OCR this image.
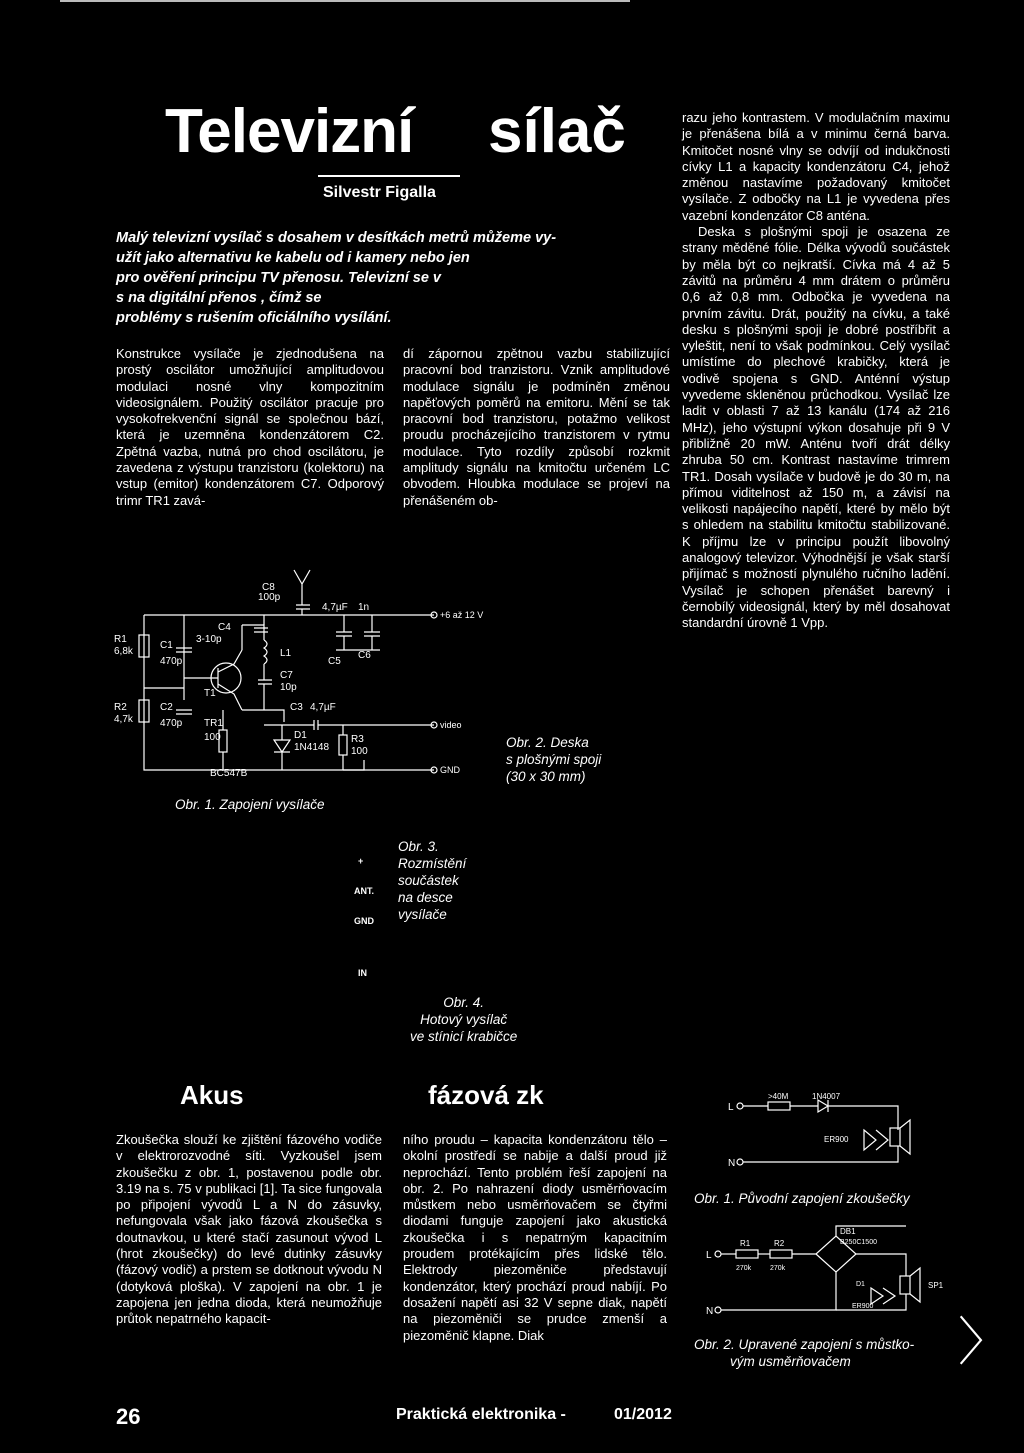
Televizní sílač
Silvestr Figalla
Malý televizní vysílač s dosahem v desítkách metrů můžeme vy-
užít jako alternativu ke kabelu od i kamery nebo jen
pro ověření principu TV přenosu. Televizní se v
s na digitální přenos , čímž se
problémy s rušením oficiálního vysílání.

Konstrukce vysílače je zjednodušena na prostý oscilátor umožňující amplitudovou modulaci nosné vlny kompozitním videosignálem. Použitý oscilátor pracuje pro vysokofrekvenční signál se společnou bází, která je uzemněna kondenzátorem C2. Zpětná vazba, nutná pro chod oscilátoru, je zavedena z výstupu tranzistoru (kolektoru) na vstup (emitor) kondenzátorem C7. Odporový trimr TR1 zavá-

dí zápornou zpětnou vazbu stabilizující pracovní bod tranzistoru. Vznik amplitudové modulace signálu je podmíněn změnou napěťových poměrů na emitoru. Mění se tak pracovní bod tranzistoru, potažmo velikost proudu procházejícího tranzistorem v rytmu modulace. Tyto rozdíly způsobí rozkmit amplitudy signálu na kmitočtu určeném LC obvodem. Hloubka modulace se projeví na přenášeném ob-

razu jeho kontrastem. V modulačním maximu je přenášena bílá a v minimu černá barva. Kmitočet nosné vlny se odvíjí od indukčnosti cívky L1 a kapacity kondenzátoru C4, jehož změnou nastavíme požadovaný kmitočet vysílače. Z odbočky na L1 je vyvedena přes vazební kondenzátor C8 anténa.

Deska s plošnými spoji je osazena ze strany měděné fólie. Délka vývodů součástek by měla být co nejkratší. Cívka má 4 až 5 závitů na průměru 4 mm drátem o průměru 0,6 až 0,8 mm. Odbočka je vyvedena na prvním závitu. Drát, použitý na cívku, a také desku s plošnými spoji je dobré postříbřit a vyleštit, není to však podmínkou. Celý vysílač umístíme do plechové krabičky, která je vodivě spojena s GND. Anténní výstup vyvedeme skleněnou průchodkou. Vysílač lze ladit v oblasti 7 až 13 kanálu (174 až 216 MHz), jeho výstupní výkon dosahuje při 9 V přibližně 20 mW. Anténu tvoří drát délky zhruba 50 cm. Kontrast nastavíme trimrem TR1. Dosah vysílače v budově je do 30 m, na přímou viditelnost až 150 m, a závisí na velikosti napájecího napětí, které by mělo být s ohledem na stabilitu kmitočtu stabilizované. K příjmu lze v principu použít libovolný analogový televizor. Výhodnější je však starší přijímač s možností plynulého ručního ladění. Vysílač je schopen přenášet barevný i černobílý videosignál, který by měl dosahovat standardní úrovně 1 Vpp.

C8
100p
R1
6,8k
C1
470p
C4
3-10p
L1
C7
10p
T1
C3 4,7µF
R2
4,7k
C2
470p TR1
100	D1
1N4148
R3
100
BC547B
C5
4,7µF
C6
1n
+6 až 12 V
video
GND
Obr. 1. Zapojení vysílače
Obr. 2. Deska
s plošnými spoji
(30 x 30 mm)
+
ANT.
GND
IN
Obr. 3.
Rozmístění
součástek
na desce
vysílače
Obr. 4.
Hotový vysílač
ve stínicí krabičce
Akus	fázová zk

Zkoušečka slouží ke zjištění fázového vodiče v elektrorozvodné síti. Vyzkoušel jsem zkoušečku z obr. 1, postavenou podle obr. 3.19 na s. 75 v publikaci [1]. Ta sice fungovala po připojení vývodů L a N do zásuvky, nefungovala však jako fázová zkoušečka s doutnavkou, u které stačí zasunout vývod L (hrot zkoušečky) do levé dutinky zásuvky (fázový vodič) a prstem se dotknout vývodu N (dotyková ploška). V zapojení na obr. 1 je zapojena jen jedna dioda, která neumožňuje průtok nepatrného kapacit-

ního proudu – kapacita kondenzátoru tělo – okolní prostředí se nabije a další proud již neprochází. Tento problém řeší zapojení na obr. 2. Po nahrazení diody usměrňovacím můstkem nebo usměrňovačem se čtyřmi diodami funguje zapojení jako akustická zkoušečka i s nepatrným kapacitním proudem protékajícím přes lidské tělo. Elektrody piezoměniče představují kondenzátor, který prochází proud nabíjí. Po dosažení napětí asi 32 V sepne diak, napětí na piezoměniči se prudce zmenší a piezoměnič klapne. Diak

L
N
>40M	1N4007
ER900
Obr. 1. Původní zapojení zkoušečky
L
N
R1
270k
R2
270k
DB1
B250C1500
D1
ER900
SP1
Obr. 2. Upravené zapojení s můstko-
vým usměrňovačem	〉
26	Praktická elektronika -	01/2012
